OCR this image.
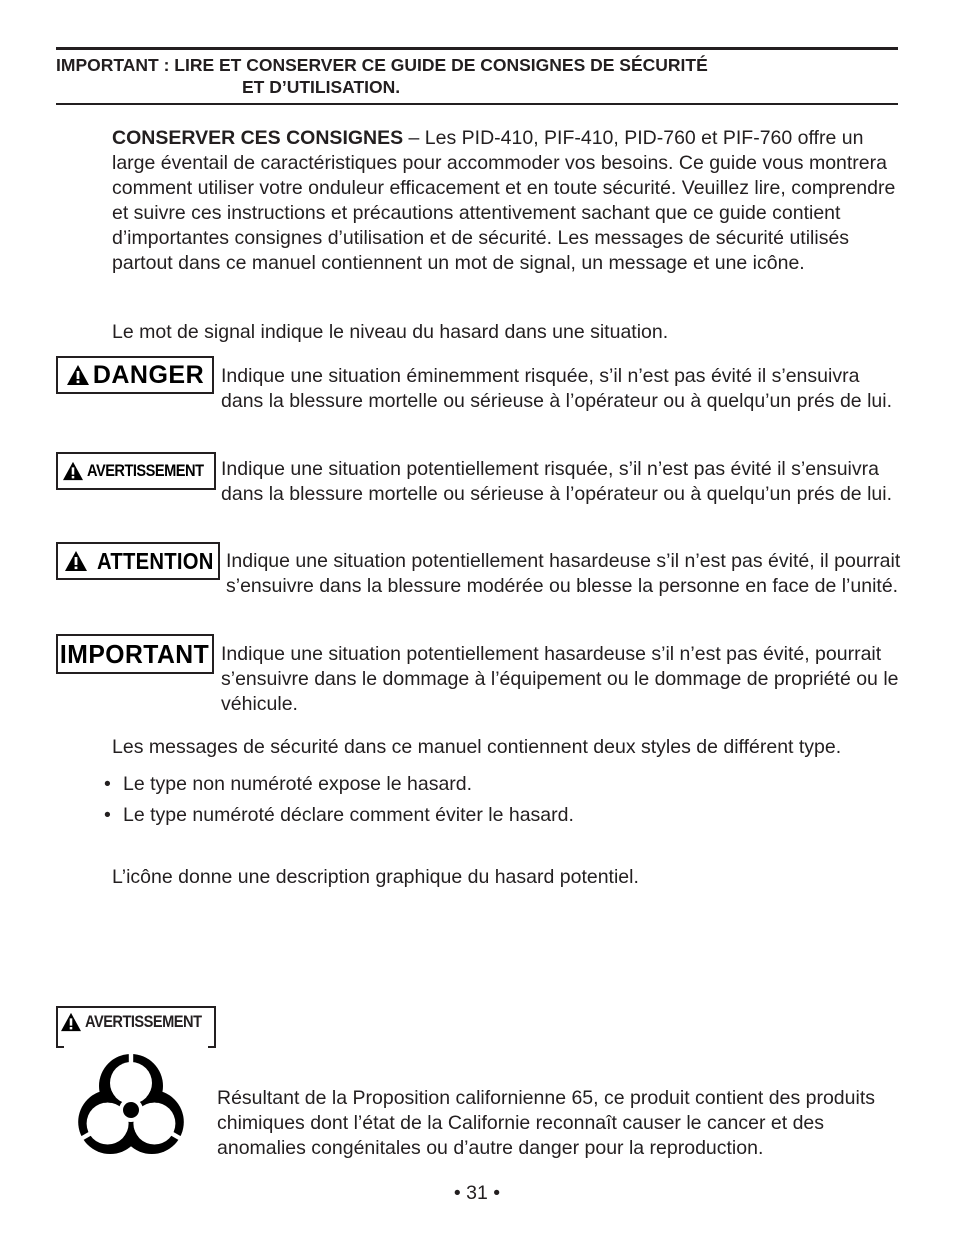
IMPORTANT : LIRE ET CONSERVER CE GUIDE DE CONSIGNES DE SÉCURITÉ
ET D’UTILISATION.

CONSERVER CES CONSIGNES – Les PID-410, PIF-410, PID-760 et PIF-760 offre un large éventail de caractéristiques pour accommoder vos besoins. Ce guide vous montrera comment utiliser votre onduleur efficacement et en toute sécurité. Veuillez lire, comprendre et suivre ces instructions et précautions attentivement sachant que ce guide contient d’importantes consignes d’utilisation et de sécurité. Les messages de sécurité utilisés partout dans ce manuel contiennent un mot de signal, un message et une icône.

Le mot de signal indique le niveau du hasard dans une situation.

DANGER Indique une situation éminemment risquée, s’il n’est pas évité il s’ensuivra dans la blessure mortelle ou sérieuse à l’opérateur ou à quelqu’un prés de lui.

AVERTISSEMENT Indique une situation potentiellement risquée, s’il n’est pas évité il s’ensuivra dans la blessure mortelle ou sérieuse à l’opérateur ou à quelqu’un prés de lui.

ATTENTION Indique une situation potentiellement hasardeuse s’il n’est pas évité, il pourrait s’ensuivre dans la blessure modérée ou blesse la personne en face de l’unité.

IMPORTANT Indique une situation potentiellement hasardeuse s’il n’est pas évité, pourrait s’ensuivre dans le dommage à l’équipement ou le dommage de propriété ou le véhicule.

Les messages de sécurité dans ce manuel contiennent deux styles de différent type.

• Le type non numéroté expose le hasard.
• Le type numéroté déclare comment éviter le hasard.

L’icône donne une description graphique du hasard potentiel.

AVERTISSEMENT

Résultant de la Proposition californienne 65, ce produit contient des produits chimiques dont l’état de la Californie reconnaît causer le cancer et des anomalies congénitales ou d’autre danger pour la reproduction.

• 31 •
